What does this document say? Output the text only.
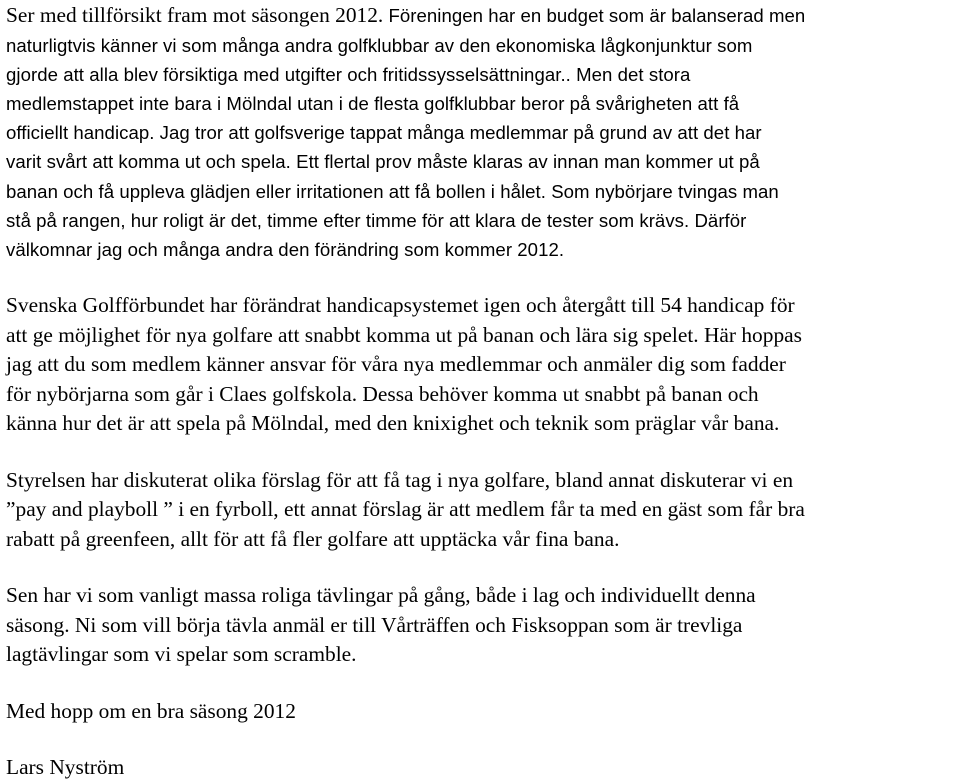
Ser med tillförsikt fram mot säsongen 2012. Föreningen har en budget som är balanserad men
naturligtvis känner vi som många andra golfklubbar av den ekonomiska lågkonjunktur som
gjorde att alla blev försiktiga med utgifter och fritidssysselsättningar.. Men det stora
medlemstappet inte bara i Mölndal utan i de flesta golfklubbar beror på svårigheten att få
officiellt handicap. Jag tror att golfsverige tappat många medlemmar på grund av att det har
varit svårt att komma ut och spela. Ett flertal prov måste klaras av innan man kommer ut på
banan och få uppleva glädjen eller irritationen att få bollen i hålet. Som nybörjare tvingas man
stå på rangen, hur roligt är det, timme efter timme för att klara de tester som krävs. Därför
välkomnar jag och många andra den förändring som kommer 2012.
Svenska Golfförbundet har förändrat handicapsystemet igen och återgått till 54 handicap för
att ge möjlighet för nya golfare att snabbt komma ut på banan och lära sig spelet. Här hoppas
jag att du som medlem känner ansvar för våra nya medlemmar och anmäler dig som fadder
för nybörjarna som går i Claes golfskola. Dessa behöver komma ut snabbt på banan och
känna hur det är att spela på Mölndal, med den knixighet och teknik som präglar vår bana.
Styrelsen har diskuterat olika förslag för att få tag i nya golfare, bland annat diskuterar vi en
”pay and playboll ” i en fyrboll, ett annat förslag är att medlem får ta med en gäst som får bra
rabatt på greenfeen, allt för att få fler golfare att upptäcka vår fina bana.
Sen har vi som vanligt massa roliga tävlingar på gång, både i lag och individuellt denna
säsong. Ni som vill börja tävla anmäl er till Vårträffen och Fisksoppan som är trevliga
lagtävlingar som vi spelar som scramble.
Med hopp om en bra säsong 2012
Lars Nyström
